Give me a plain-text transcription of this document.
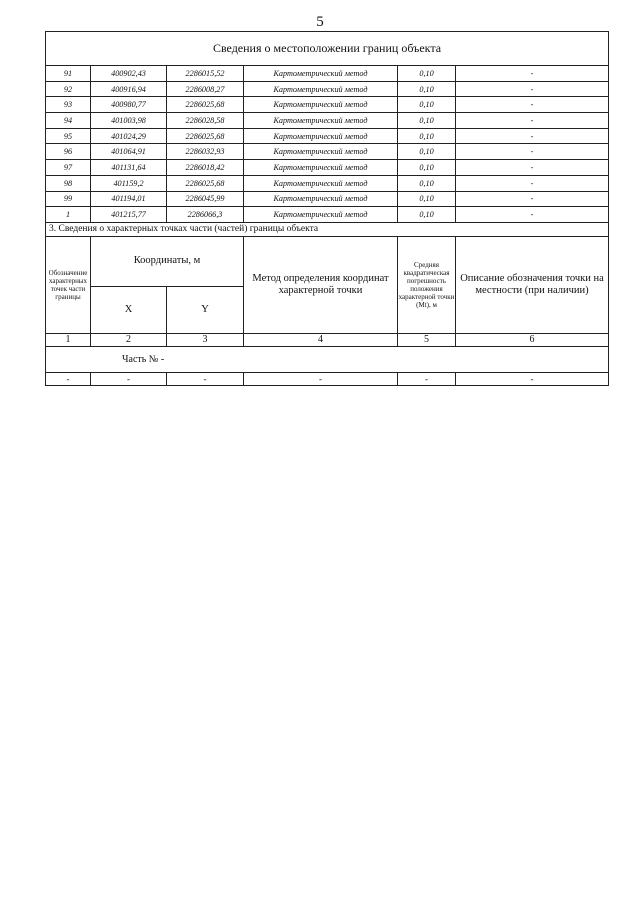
5
Сведения о местоположении границ объекта					
91	400902,43	2286015,52	Картометрический метод	0,10	-
92	400916,94	2286008,27	Картометрический метод	0,10	-
93	400980,77	2286025,68	Картометрический метод	0,10	-
94	401003,98	2286028,58	Картометрический метод	0,10	-
95	401024,29	2286025,68	Картометрический метод	0,10	-
96	401064,91	2286032,93	Картометрический метод	0,10	-
97	401131,64	2286018,42	Картометрический метод	0,10	-
98	401159,2	2286025,68	Картометрический метод	0,10	-
99	401194,01	2286045,99	Картометрический метод	0,10	-
1	401215,77	2286066,3	Картометрический метод	0,10	-
3. Сведения о характерных точках части (частей) границы объекта					
Обозначение характерных точек части границы	Координаты, м		Метод определения координат характерной точки	Средняя квадратическая погрешность положения характерной точки (Мt), м	Описание обозначения точки на местности (при наличии)
	X	Y			
1	2	3	4	5	6
Часть № -					
-	-	-	-	-	-
